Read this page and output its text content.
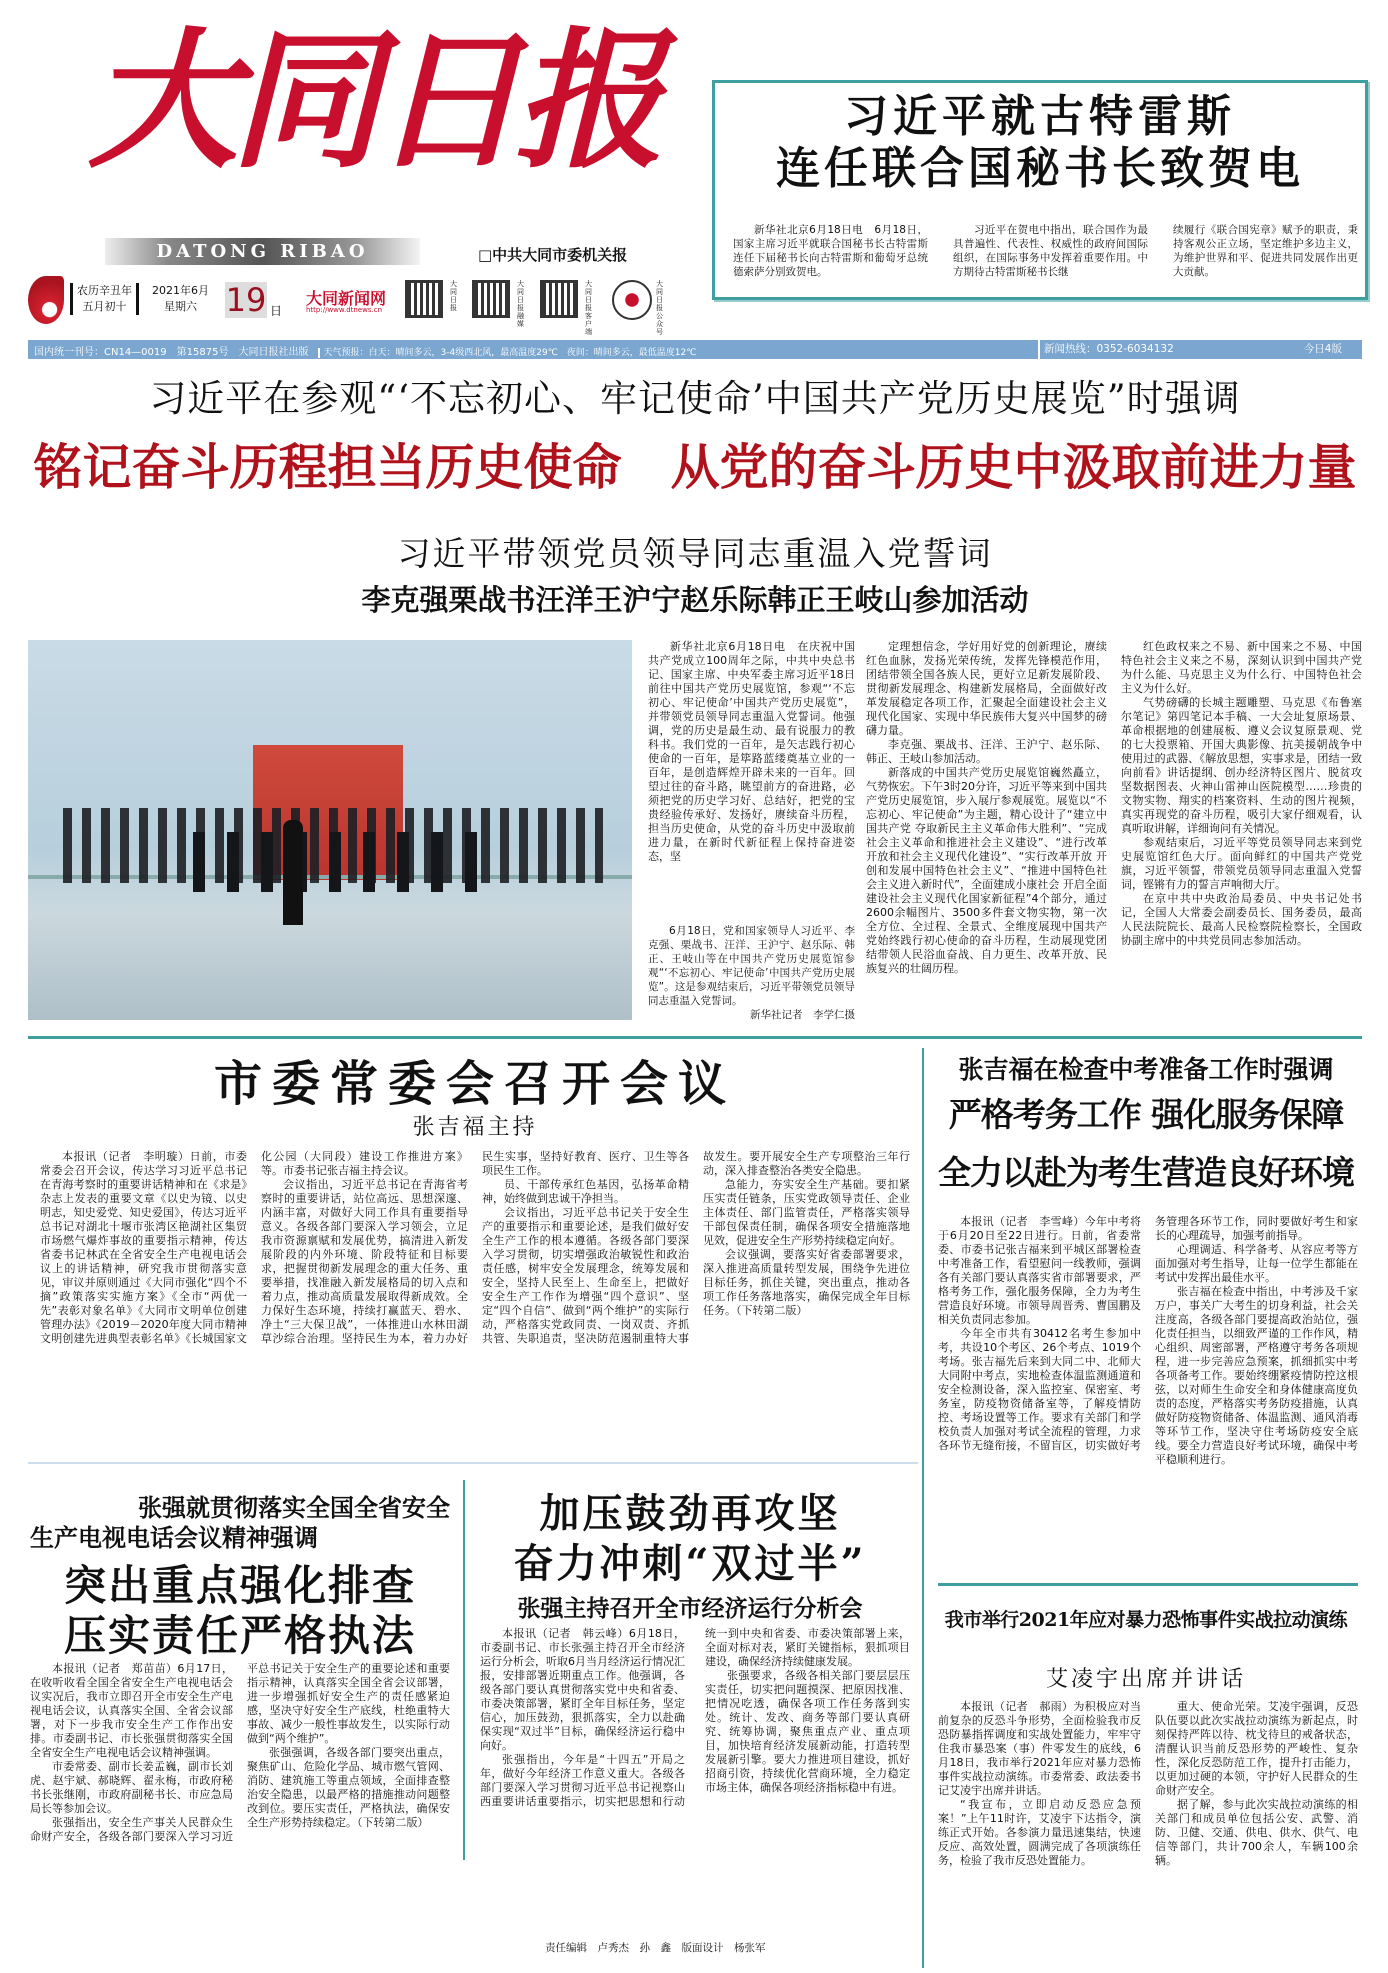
大同日报
DATONG RIBAO	□中共大同市委机关报
农历辛丑年
五月初十
2021年6月
星期六 19 日
大同新闻网
http://www.dtnews.cn
大同日报
大同日报融媒
大同日报客户端
大同日报公众号
习近平就古特雷斯
连任联合国秘书长致贺电

新华社北京6月18日电　6月18日，国家主席习近平就联合国秘书长古特雷斯连任下届秘书长向古特雷斯和葡萄牙总统德索萨分别致贺电。

习近平在贺电中指出，联合国作为最具普遍性、代表性、权威性的政府间国际组织，在国际事务中发挥着重要作用。中方期待古特雷斯秘书长继

续履行《联合国宪章》赋予的职责，秉持客观公正立场，坚定维护多边主义，为维护世界和平、促进共同发展作出更大贡献。

国内统一刊号：CN14—0019　第15875号　大同日报社出版 天气预报：白天：晴间多云，3-4级西北风，最高温度29℃　夜间：晴间多云，最低温度12℃	新闻热线：0352-6034132	今日4版
习近平在参观“‘不忘初心、牢记使命’中国共产党历史展览”时强调
铭记奋斗历程担当历史使命　从党的奋斗历史中汲取前进力量
习近平带领党员领导同志重温入党誓词
李克强栗战书汪洋王沪宁赵乐际韩正王岐山参加活动

新华社北京6月18日电　在庆祝中国共产党成立100周年之际，中共中央总书记、国家主席、中央军委主席习近平18日前往中国共产党历史展览馆，参观“‘不忘初心、牢记使命’中国共产党历史展览”，并带领党员领导同志重温入党誓词。他强调，党的历史是最生动、最有说服力的教科书。我们党的一百年，是矢志践行初心使命的一百年，是筚路蓝缕奠基立业的一百年，是创造辉煌开辟未来的一百年。回望过往的奋斗路，眺望前方的奋进路，必须把党的历史学习好、总结好，把党的宝贵经验传承好、发扬好，赓续奋斗历程，担当历史使命，从党的奋斗历史中汲取前进力量，在新时代新征程上保持奋进姿态，坚

6月18日，党和国家领导人习近平、李克强、栗战书、汪洋、王沪宁、赵乐际、韩正、王岐山等在中国共产党历史展览馆参观“‘不忘初心、牢记使命’中国共产党历史展览”。这是参观结束后，习近平带领党员领导同志重温入党誓词。

新华社记者　李学仁摄

定理想信念，学好用好党的创新理论，赓续红色血脉，发扬光荣传统，发挥先锋模范作用，团结带领全国各族人民，更好立足新发展阶段、贯彻新发展理念、构建新发展格局，全面做好改革发展稳定各项工作，汇聚起全面建设社会主义现代化国家、实现中华民族伟大复兴中国梦的磅礴力量。

李克强、栗战书、汪洋、王沪宁、赵乐际、韩正、王岐山参加活动。

新落成的中国共产党历史展览馆巍然矗立，气势恢宏。下午3时20分许，习近平等来到中国共产党历史展览馆，步入展厅参观展览。展览以“不忘初心、牢记使命”为主题，精心设计了“建立中国共产党 夺取新民主主义革命伟大胜利”、“完成社会主义革命和推进社会主义建设”、“进行改革开放和社会主义现代化建设”、“实行改革开放 开创和发展中国特色社会主义”、“推进中国特色社会主义进入新时代”，全面建成小康社会 开启全面建设社会主义现代化国家新征程”4个部分，通过2600余幅图片、3500多件套文物实物，第一次全方位、全过程、全景式、全维度展现中国共产党始终践行初心使命的奋斗历程，生动展现党团结带领人民浴血奋战、自力更生、改革开放、民族复兴的壮阔历程。

红色政权来之不易、新中国来之不易、中国特色社会主义来之不易，深刻认识到中国共产党为什么能、马克思主义为什么行、中国特色社会主义为什么好。

气势磅礴的长城主题雕塑、马克思《布鲁塞尔笔记》第四笔记本手稿、一大会址复原场景、革命根据地的创建展板、遵义会议复原景观、党的七大投票箱、开国大典影像、抗美援朝战争中使用过的武器、《解放思想，实事求是，团结一致向前看》讲话提纲、创办经济特区图片、脱贫攻坚数据图表、火神山雷神山医院模型……珍贵的文物实物、翔实的档案资料、生动的图片视频，真实再现党的奋斗历程，吸引大家仔细观看，认真听取讲解，详细询问有关情况。

参观结束后，习近平等党员领导同志来到党史展览馆红色大厅。面向鲜红的中国共产党党旗，习近平领誓，带领党员领导同志重温入党誓词，铿锵有力的誓言声响彻大厅。

在京中共中央政治局委员、中央书记处书记，全国人大常委会副委员长、国务委员，最高人民法院院长、最高人民检察院检察长，全国政协副主席中的中共党员同志参加活动。

市委常委会召开会议
张吉福主持

本报讯（记者　李明璇）日前，市委常委会召开会议，传达学习习近平总书记在青海考察时的重要讲话精神和在《求是》杂志上发表的重要文章《以史为镜、以史明志，知史爱党、知史爱国》，传达习近平总书记对湖北十堰市张湾区艳湖社区集贸市场燃气爆炸事故的重要指示精神，传达省委书记林武在全省安全生产电视电话会议上的讲话精神，研究我市贯彻落实意见，审议并原则通过《大同市强化“四个不摘”政策落实实施方案》《全市“两优一先”表彰对象名单》《大同市文明单位创建管理办法》《2019－2020年度大同市精神文明创建先进典型表彰名单》《长城国家文化公园（大同段）建设工作推进方案》等。市委书记张吉福主持会议。

会议指出，习近平总书记在青海省考察时的重要讲话，站位高远、思想深邃、内涵丰富，对做好大同工作具有重要指导意义。各级各部门要深入学习领会，立足我市资源禀赋和发展优势，搞清进入新发展阶段的内外环境、阶段特征和目标要求，把握贯彻新发展理念的重大任务、重要举措，找准融入新发展格局的切入点和着力点，推动高质量发展取得新成效。全力保好生态环境，持续打赢蓝天、碧水、净土“三大保卫战”，一体推进山水林田湖草沙综合治理。坚持民生为本，着力办好民生实事，坚持好教育、医疗、卫生等各项民生工作。

员、干部传承红色基因，弘扬革命精神，始终做到忠诚干净担当。

会议指出，习近平总书记关于安全生产的重要指示和重要论述，是我们做好安全生产工作的根本遵循。各级各部门要深入学习贯彻，切实增强政治敏锐性和政治责任感，树牢安全发展理念，统筹发展和安全，坚持人民至上、生命至上，把做好安全生产工作作为增强“四个意识”、坚定“四个自信”、做到“两个维护”的实际行动，严格落实党政同责、一岗双责、齐抓共管、失职追责，坚决防范遏制重特大事故发生。要开展安全生产专项整治三年行动，深入排查整治各类安全隐患。

急能力，夯实安全生产基础。要扣紧压实责任链条，压实党政领导责任、企业主体责任、部门监管责任，严格落实领导干部包保责任制，确保各项安全措施落地见效，促进安全生产形势持续稳定向好。

会议强调，要落实好省委部署要求，深入推进高质量转型发展，围绕争先进位目标任务，抓住关键，突出重点，推动各项工作任务落地落实，确保完成全年目标任务。（下转第二版）

张吉福在检查中考准备工作时强调
严格考务工作 强化服务保障
全力以赴为考生营造良好环境

本报讯（记者　李雪峰）今年中考将于6月20日至22日进行。日前，省委常委、市委书记张吉福来到平城区部署检查中考准备工作，看望慰问一线教师，强调各有关部门要认真落实省市部署要求，严格考务工作，强化服务保障，全力为考生营造良好环境。市领导周晋秀、曹国鹏及相关负责同志参加。

今年全市共有30412名考生参加中考，共设10个考区、26个考点、1019个考场。张吉福先后来到大同二中、北师大大同附中考点，实地检查体温监测通道和安全检测设备，深入监控室、保密室、考务室，防疫物资储备室等，了解疫情防控、考场设置等工作。要求有关部门和学校负责人加强对考试全流程的管理，力求各环节无缝衔接，不留盲区，切实做好考务管理各环节工作，同时要做好考生和家长的心理疏导，加强考前指导。

心理调适、科学备考、从容应考等方面加强对考生指导，让每一位学生都能在考试中发挥出最佳水平。

张吉福在检查中指出，中考涉及千家万户，事关广大考生的切身利益，社会关注度高，各级各部门要提高政治站位，强化责任担当，以细致严谨的工作作风，精心组织、周密部署，严格遵守考务各项规程，进一步完善应急预案，抓细抓实中考各项备考工作。要始终绷紧疫情防控这根弦，以对师生生命安全和身体健康高度负责的态度，严格落实考务防疫措施，认真做好防疫物资储备、体温监测、通风消毒等环节工作，坚决守住考场防疫安全底线。要全力营造良好考试环境，确保中考平稳顺利进行。

张强就贯彻落实全国全省安全
生产电视电话会议精神强调
突出重点强化排查
压实责任严格执法

本报讯（记者　郑苗苗）6月17日，在收听收看全国全省安全生产电视电话会议实况后，我市立即召开全市安全生产电视电话会议，认真落实全国、全省会议部署，对下一步我市安全生产工作作出安排。市委副书记、市长张强贯彻落实全国全省安全生产电视电话会议精神强调。

市委常委、副市长姜孟巍，副市长刘虎、赵宇斌、郝晓辉、翟永梅，市政府秘书长张继刚，市政府副秘书长、市应急局局长等参加会议。

张强指出，安全生产事关人民群众生命财产安全，各级各部门要深入学习习近平总书记关于安全生产的重要论述和重要指示精神，认真落实全国全省会议部署，进一步增强抓好安全生产的责任感紧迫感，坚决守好安全生产底线，杜绝重特大事故、减少一般性事故发生，以实际行动做到“两个维护”。

张强强调，各级各部门要突出重点，聚焦矿山、危险化学品、城市燃气管网、消防、建筑施工等重点领域，全面排查整治安全隐患，以最严格的措施推动问题整改到位。要压实责任，严格执法，确保安全生产形势持续稳定。（下转第二版）

加压鼓劲再攻坚
奋力冲刺“双过半”
张强主持召开全市经济运行分析会

本报讯（记者　韩云峰）6月18日，市委副书记、市长张强主持召开全市经济运行分析会，听取6月当月经济运行情况汇报，安排部署近期重点工作。他强调，各级各部门要认真贯彻落实党中央和省委、市委决策部署，紧盯全年目标任务，坚定信心，加压鼓劲，狠抓落实，全力以赴确保实现“双过半”目标，确保经济运行稳中向好。

张强指出，今年是“十四五”开局之年，做好今年经济工作意义重大。各级各部门要深入学习贯彻习近平总书记视察山西重要讲话重要指示，切实把思想和行动统一到中央和省委、市委决策部署上来，全面对标对表，紧盯关键指标，狠抓项目建设，确保经济持续健康发展。

张强要求，各级各相关部门要层层压实责任，切实把问题摸深、把原因找准、把情况吃透，确保各项工作任务落到实处。统计、发改、商务等部门要认真研究、统筹协调，聚焦重点产业、重点项目，加快培育经济发展新动能，打造转型发展新引擎。要大力推进项目建设，抓好招商引资，持续优化营商环境，全力稳定市场主体，确保各项经济指标稳中有进。

责任编辑　卢秀杰　孙　鑫　版面设计　杨张军
我市举行2021年应对暴力恐怖事件实战拉动演练
艾凌宇出席并讲话

本报讯（记者　郝雨）为积极应对当前复杂的反恐斗争形势，全面检验我市反恐防暴指挥调度和实战处置能力，牢牢守住我市暴恐案（事）件零发生的底线，6月18日，我市举行2021年应对暴力恐怖事件实战拉动演练。市委常委、政法委书记艾凌宇出席并讲话。

“我宣布，立即启动反恐应急预案！”上午11时许，艾凌宇下达指令，演练正式开始。各参演力量迅速集结，快速反应、高效处置，圆满完成了各项演练任务，检验了我市反恐处置能力。

重大、使命光荣。艾凌宇强调，反恐队伍要以此次实战拉动演练为新起点，时刻保持严阵以待、枕戈待旦的戒备状态，清醒认识当前反恐形势的严峻性、复杂性，深化反恐防范工作，提升打击能力，以更加过硬的本领，守护好人民群众的生命财产安全。

据了解，参与此次实战拉动演练的相关部门和成员单位包括公安、武警、消防、卫健、交通、供电、供水、供气、电信等部门，共计700余人，车辆100余辆。
